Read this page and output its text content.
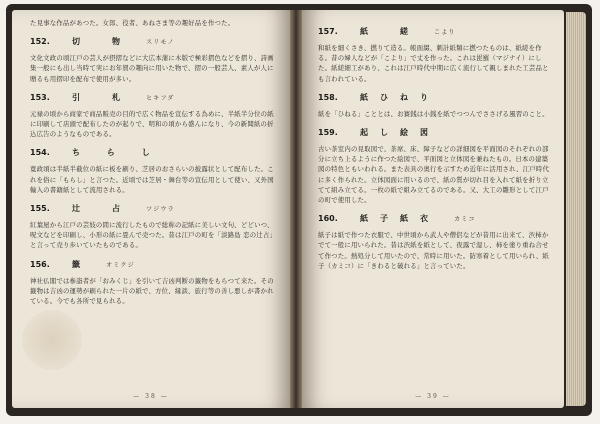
た見事な作品があつた。女郎、役者、あねさま等の趣好品を作つた。

152.	切　物 スリモノ

文化文政の頃江戸の芸人が摂摺などに大広本蒲に木版で極彩摺色などを摺り、詩画集一般にも出し当時て実にお年賀の趣向に用いた物で、摺の一般芸人、素人が人に贈るも用摺印を配布で使用が多い。

153.	引　札 ヒキフダ

元禄の頃から商家で商品販売の目的で広く物品を宣伝する為めに、半紙半分位の紙に印刷して店頭で配布したのが起りで、明和の頃から盛んになり、今の新聞紙の折込広告のようなものである。

154.	ち ら し

寛政頃は半紙半截位の紙に板を刷り、芝居のおさらいの披露状として配布した。これを俗に「もらし」と言つた。近頃では芝居・舞台等の宣伝用として使い、又外国輸入の書籍紙として流用される。

155.	辻　占 ツジウラ

紅葉屋から江戸の芸妓の間に流行したもので総称の記紙に美しい文句、どどいつ、呪文などを印刷し、小形の紙に畳んで売つた。昔は江戸の町を「淡路島 恋の辻占」と言って売り歩いていたものである。

156.	籤 オミクジ

神社仏閣では参詣者が「おみくじ」を引いて吉凶判断の籤物をもらつて来た。その籤物は吉凶の運勢が刷られた一片の紙で、方位、縁談、旅行等の善し悪しが書かれている。今でも各所で見られる。

— 38 —
157.	紙　縒 こより

和紙を細くさき、撚りて造る。帳面綴、刺計紙類に撚つたものは、紙縒を作る。昔の婦人などが「こより」で丈を作った。これは毘羅（マジナイ）にした。紙縒細工があり、これは江戸時代中期に広く流行して親しまれた工芸品とも言われている。

158.	紙ひねり

紙を「ひねる」こととは、お賽銭は小銭を紙でつつんでささげる風習のこと。

159.	起し絵図

古い茶室内の見取図で、茶席、床、障子などの詳細図を平面図のそれぞれの部分に立ち上るように作つた絵図で、平面図と立体図を兼ねたもの。日本の建築図の特色ともいわれる。また表具の奥行を示すため近年に活用され、江戸時代に多く作られた。立体図面に用いるので、紙の質が切れ目を入れて紙を折り立てて組み立てる。一枚の紙で組み立てるのである。又、大工の雛形として江戸の町で使用した。

160.	紙子紙衣 カミコ

紙子は紙で作つた衣服で、中世頃から武人や僧侶などが昔用に出来て、渋柿かでて一般に用いられた。昔は渋紙を紙として、夜露で湿し、柿を塗り重ね合せて作つた。熱処分して用いたので、常時に用いた。防寒着として用いられ、紙子（カミコ）に「きわると破れる」と言っていた。

— 39 —
